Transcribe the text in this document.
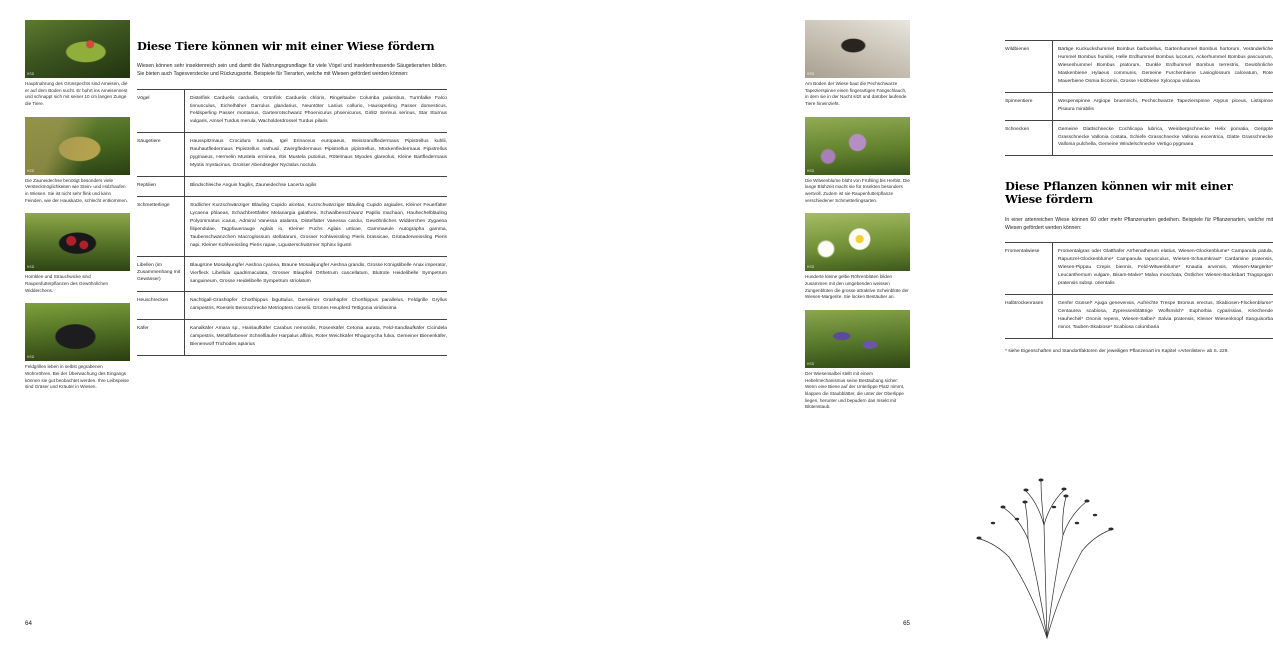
HSD
Hauptnahrung des Grünspechts sind Ameisen, die er auf dem Boden sucht. Er bohrt ins Ameisennest und schnappt sich mit seiner 10 cm langen Zunge die Tiere.
HSD
Die Zauneidechse benötigt besonders viele Versteckmöglichkeiten wie Stein- und Holzhaufen in Wiesen. Sie ist nicht sehr flink und kann Feinden, wie der Hauskatze, schlecht entkommen.
HSD
Hornklee und Strauchwicke sind Raupenfutterpflanzen des Gewöhnlichen Widderchens.
HSD
Feldgrillen leben in selbst gegrabenen Wohnröhren. Bei der Überwachung des Eingangs können sie gut beobachtet werden. Ihre Leibspeise sind Gräser und Kräuter in Wiesen.
Diese Tiere können wir mit einer Wiese fördern

Wiesen können sehr insektenreich sein und damit die Nahrungsgrundlage für viele Vögel und insektenfressende Säugetierarten bilden. Sie bieten auch Tagesverstecke und Rückzugsorte. Beispiele für Tierarten, welche mit Wiesen gefördert werden können:

Vögel	Distelfink Carduelis carduelis, Grünfink Carduelis chloris, Ringeltaube Columba palumbus, Turmfalke Falco tinnunculus, Eichelhäher Garrulus glandarius, Neuntöter Lanius collurio, Haussperling Passer domesticus, Feldsperling Passer montanus, Gartenrotschwanz Phoenicurus phoenicurus, Girlitz Serinus serinus, Star Sturnus vulgaris, Amsel Turdus merula, Wacholderdrossel Turdus pilaris
Säugetiere	Hausspitzmaus Crocidura russula, Igel Erinaceus europaeus, Weissrandfledermaus Pipistrellus kuhlii, Rauhautfledermaus Pipistrellus nathusii, Zwergfledermaus Pipistrellus pipistrellus, Mückenfledermaus Pipistrellus pygmaeus, Hermelin Mustela erminea, Iltis Mustela putorius, Rötelmaus Myodes glareolus, Kleine Bartfledermaus Myotis mystacinus, Grosser Abendsegler Nyctalus noctula
Reptilien	Blindschleiche Anguis fragilis, Zauneidechse Lacerta agilis
Schmetterlinge	Südlicher Kurzschwänziger Bläuling Cupido alcetas, Kurzschwänziger Bläuling Cupido argiades, Kleiner Feuerfalter Lycaena phlaeas, Schachbrettfalter Melanargia galathea, Schwalbenschwanz Papilio machaon, Hauhechelbläuling Polyommatus icarus, Admiral Vanessa atalanta, Distelfalter Vanessa cardui, Gewöhnliches Widderchen Zygaena filipendulae, Tagpfauenauge Aglais io, Kleiner Fuchs Aglais urticae, Gammaeule Autographa gamma, Taubenschwänzchen Macroglossum stellatarum, Grosser Kohlweissling Pieris brassicae, Grünaderweissling Pieris napi, Kleiner Kohlweissling Pieris rapae, Ligusterschwärmer Sphinx ligustri
Libellen (im Zusammenhang mit Gewässer)	Blaugrüne Mosaikjungfer Aeshna cyanea, Braune Mosaikjungfer Aeshna grandis, Grosse Königslibelle Anax imperator, Vierfleck Libellula quadrimaculata, Grosser Blaupfeil Orthetrum cancellatum, Blutrote Heidelibelle Sympetrum sanguineum, Grosse Heidelibelle Sympetrum striolatum
Heuschrecken	Nachtigall-Grashüpfer Chorthippus biguttulus, Gemeiner Grashüpfer Chorthippus parallelus, Feldgrille Gryllus campestris, Roesels Beissschrecke Metrioptera roeselii, Grünes Heupferd Tettigonia viridissima
Käfer	Kanalkäfer Amara sp., Hainlaufkäfer Carabus nemoralis, Rosenkäfer Cetonia aurata, Feld-Sandlaufkäfer Cicindela campestris, Metallfarbener Schnellläufer Harpalus affinis, Roter Weichkäfer Rhagonycha fulva, Gemeiner Bienenkäfer, Bienenwolf Trichodes apiarius
64
Wildbienen	Bärtige Kuckuckshummel Bombus barbutellus, Gartenhummel Bombus hortorum, Veränderliche Hummel Bombus humilis, Helle Erdhummel Bombus lucorum, Ackerhummel Bombus pascuorum, Wiesenhummel Bombus pratorum, Dunkle Erdhummel Bombus terrestris, Gewöhnliche Maskenbiene Hylaeus communis, Gemeine Furchenbiene Lasioglossum calceatum, Rote Mauerbiene Osmia bicornis, Grosse Holzbiene Xylocopa violacea
Spinnentiere	Wespenspinne Argiope bruennichi, Pechschwarze Tapezierspinne Atypus piceus, Listspinne Pisaura mirabilis
Schnecken	Gemeine Glattschnecke Cochlicopa lubrica, Weinbergschnecke Helix pomatia, Gerippte Grasschnecke Vallonia costata, Schiefe Grasschnecke Vallonia excentrica, Glatte Grasschnecke Vallonia pulchella, Gemeine Windelschnecke Vertigo pygmaea
Diese Pflanzen können wir mit einer Wiese fördern

In einer artenreichen Wiese können 60 oder mehr Pflanzenarten gedeihen. Beispiele für Pflanzenarten, welche mit Wiesen gefördert werden können:

Fromentalwiese	Fromentalgras oder Glatthafer Arrhenatherum elatius, Wiesen-Glockenblume* Campanula patula, Rapunzel-Glockenblume* Campanula rapunculus, Wiesen-Schaumkraut* Cardamine pratensis, Wiesen-Pippau Crepis biennis, Feld-Witwenblume* Knautia arvensis, Wiesen-Margerite* Leucanthemum vulgare, Bisam-Malve* Malva moschata, Östlicher Wiesen-Bocksbart Tragopogon pratensis subsp. orientalis
Halbtrockenrasen	Genfer Günsel* Ajuga genevensis, Aufrechte Trespe Bromus erectus, Skabiosen-Flockenblume* Centaurea scabiosa, Zypressenblättrige Wolfsmilch* Euphorbia cyparissias, Kriechende Hauhechel* Ononis repens, Wiesen-Salbei* Salvia pratensis, Kleiner Wiesenknopf Sanguisorba minor, Tauben-Skabiose* Scabiosa columbaria

* siehe Eigenschaften und Standortfaktoren der jeweiligen Pflanzenart im Kapitel «Artenlisten» ab S. 229.

HSD
Am Boden der Wiese baut die Pechschwarze Tapezierspinne einen fingerartigen Fangschlauch, in dem sie in der Nacht sitzt und darüber laufende Tiere hineinzieht.
HSD
Die Witwenblume blüht von Frühling bis Herbst. Die lange Blühzeit macht sie für Insekten besonders wertvoll. Zudem ist sie Raupenfutterpflanze verschiedener Schmetterlingsarten.
HSD
Hunderte kleine gelbe Röhrenblüten bilden zusammen mit den umgebenden weissen Zungenblüten die grosse attraktive Scheinblüte der Wiesen-Margerite. Sie locken Bestäuber an.
HSD
Der Wiesensalbei stellt mit einem Hebelmechanismus seine Bestäubung sicher: Wenn eine Biene auf der Unterlippe Platz nimmt, klappen die Staubblätter, die unter der Oberlippe liegen, herunter und bepudern das Insekt mit Blütenstaub.
65
